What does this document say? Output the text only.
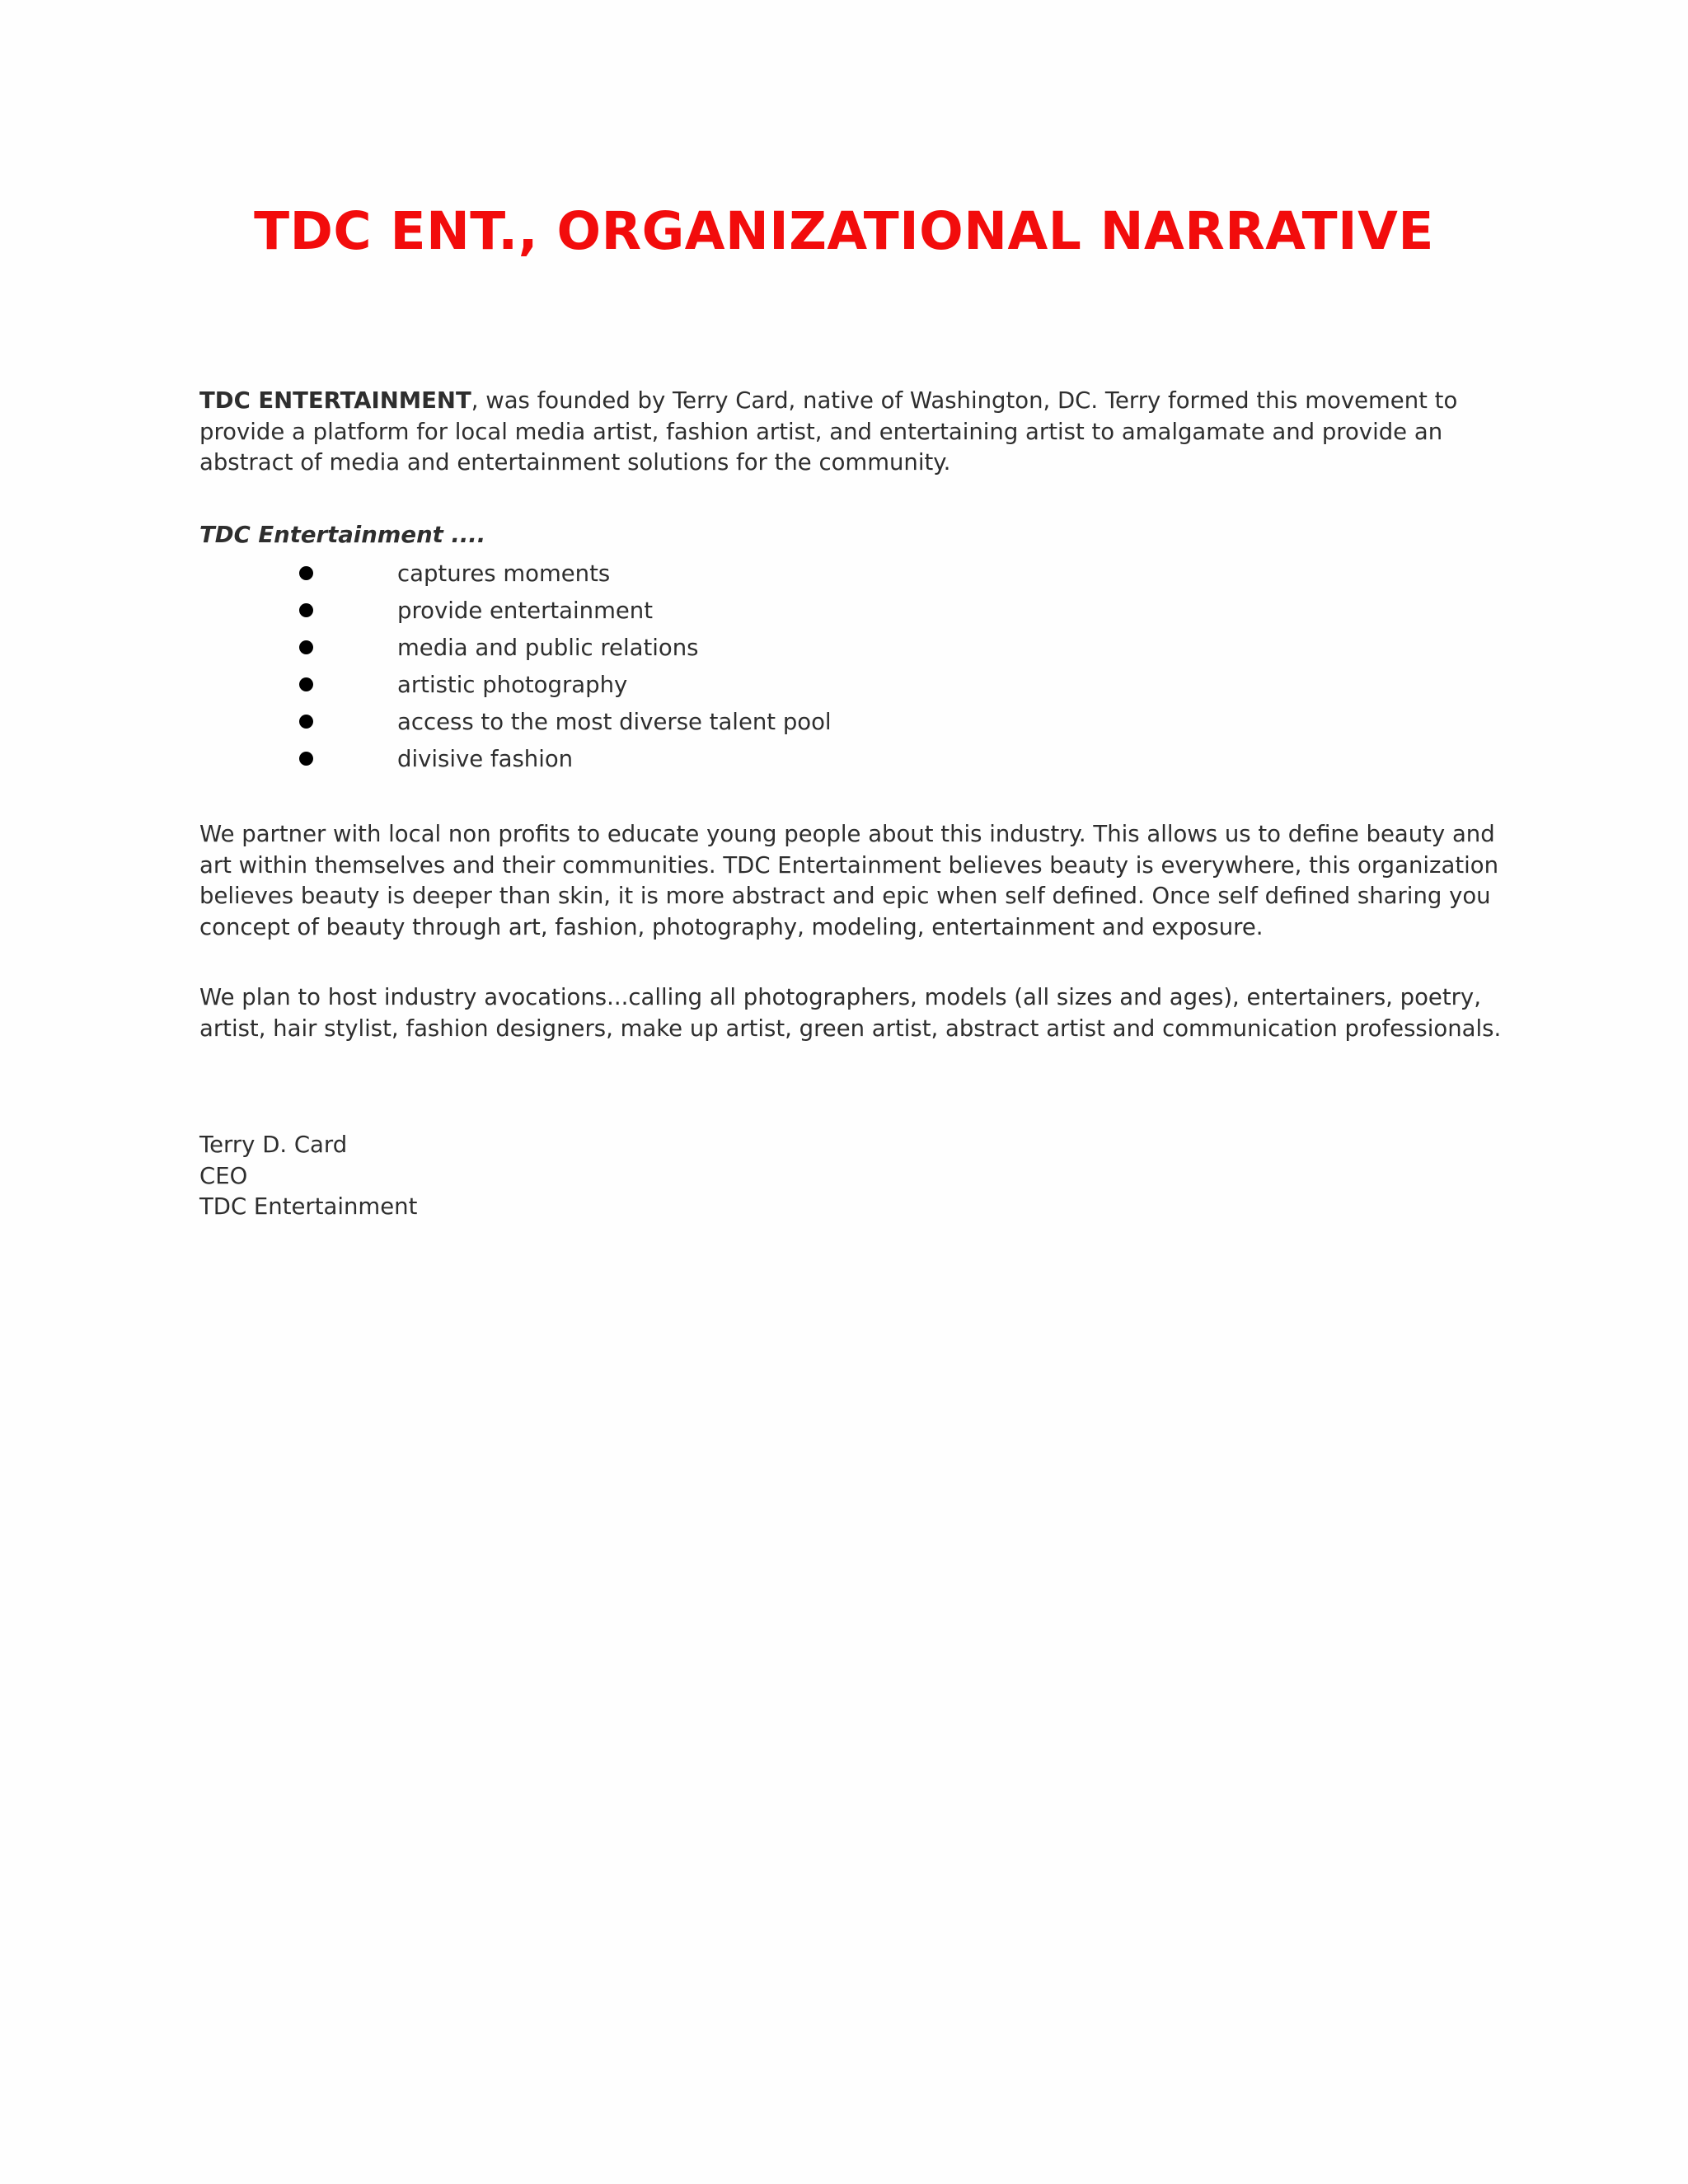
TDC ENT., ORGANIZATIONAL NARRATIVE

TDC ENTERTAINMENT, was founded by Terry Card, native of Washington, DC. Terry formed this movement to provide a platform for local media artist, fashion artist, and entertaining artist to amalgamate and provide an abstract of media and entertainment solutions for the community.

TDC Entertainment ....

captures moments
provide entertainment
media and public relations
artistic photography
access to the most diverse talent pool
divisive fashion

We partner with local non profits to educate young people about this industry. This allows us to define beauty and art within themselves and their communities. TDC Entertainment believes beauty is everywhere, this organization believes beauty is deeper than skin, it is more abstract and epic when self defined. Once self defined sharing you concept of beauty through art, fashion, photography, modeling, entertainment and exposure.

We plan to host industry avocations...calling all photographers, models (all sizes and ages), entertainers, poetry, artist, hair stylist, fashion designers, make up artist, green artist, abstract artist and communication professionals.

Terry D. Card
CEO
TDC Entertainment
